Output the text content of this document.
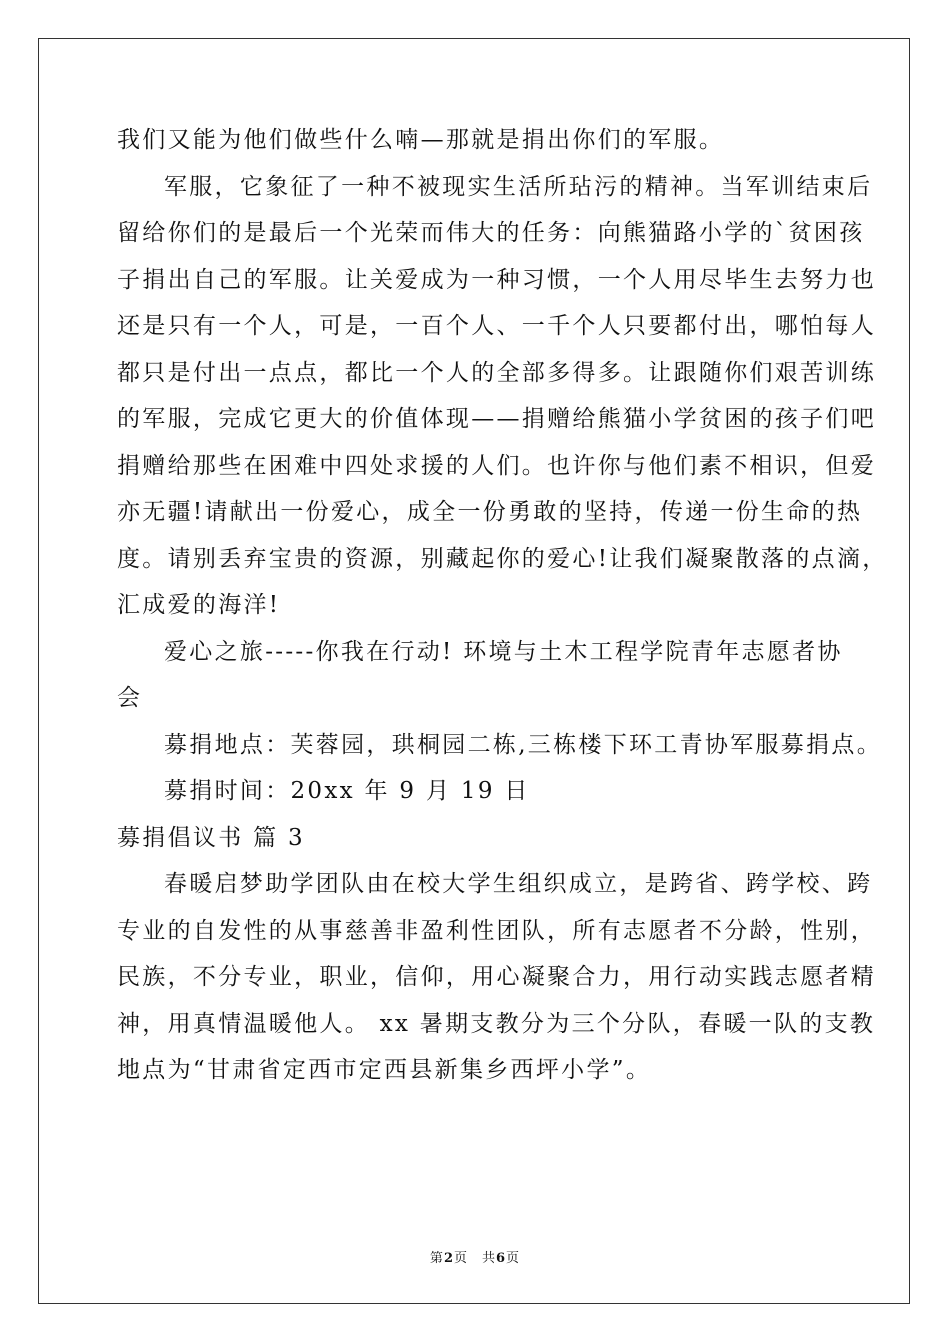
我们又能为他们做些什么喃—那就是捐出你们的军服。
军服，它象征了一种不被现实生活所玷污的精神。当军训结束后
留给你们的是最后一个光荣而伟大的任务：向熊猫路小学的`贫困孩
子捐出自己的军服。让关爱成为一种习惯，一个人用尽毕生去努力也
还是只有一个人，可是，一百个人、一千个人只要都付出，哪怕每人
都只是付出一点点，都比一个人的全部多得多。让跟随你们艰苦训练
的军服，完成它更大的价值体现——捐赠给熊猫小学贫困的孩子们吧
捐赠给那些在困难中四处求援的人们。也许你与他们素不相识，但爱
亦无疆!请献出一份爱心，成全一份勇敢的坚持，传递一份生命的热
度。请别丢弃宝贵的资源，别藏起你的爱心!让我们凝聚散落的点滴，
汇成爱的海洋!
爱心之旅-----你我在行动! 环境与土木工程学院青年志愿者协
会
募捐地点：芙蓉园，珙桐园二栋,三栋楼下环工青协军服募捐点。
募捐时间：20xx 年 9 月 19 日
募捐倡议书 篇 3
春暖启梦助学团队由在校大学生组织成立，是跨省、跨学校、跨
专业的自发性的从事慈善非盈利性团队，所有志愿者不分龄，性别，
民族，不分专业，职业，信仰，用心凝聚合力，用行动实践志愿者精
神，用真情温暖他人。 xx 暑期支教分为三个分队，春暖一队的支教
地点为“甘肃省定西市定西县新集乡西坪小学”。
第2页　共6页
